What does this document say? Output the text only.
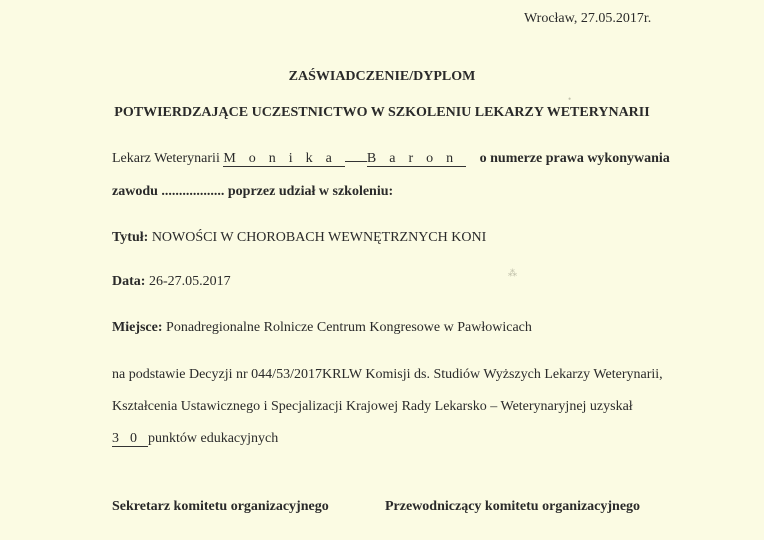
Wrocław, 27.05.2017r.
ZAŚWIADCZENIE/DYPLOM
POTWIERDZAJĄCE UCZESTNICTWO W SZKOLENIU LEKARZY WETERYNARII
Lekarz Weterynarii Monika Baron o numerze prawa wykonywania
zawodu .................. poprzez udział w szkoleniu:
Tytuł: NOWOŚCI W CHOROBACH WEWNĘTRZNYCH KONI
Data: 26-27.05.2017
Miejsce: Ponadregionalne Rolnicze Centrum Kongresowe w Pawłowicach
na podstawie Decyzji nr 044/53/2017KRLW Komisji ds. Studiów Wyższych Lekarzy Weterynarii,
Kształcenia Ustawicznego i Specjalizacji Krajowej Rady Lekarsko – Weterynaryjnej uzyskał
30punktów edukacyjnych
Sekretarz komitetu organizacyjnego	Przewodniczący komitetu organizacyjnego
•
⁂
